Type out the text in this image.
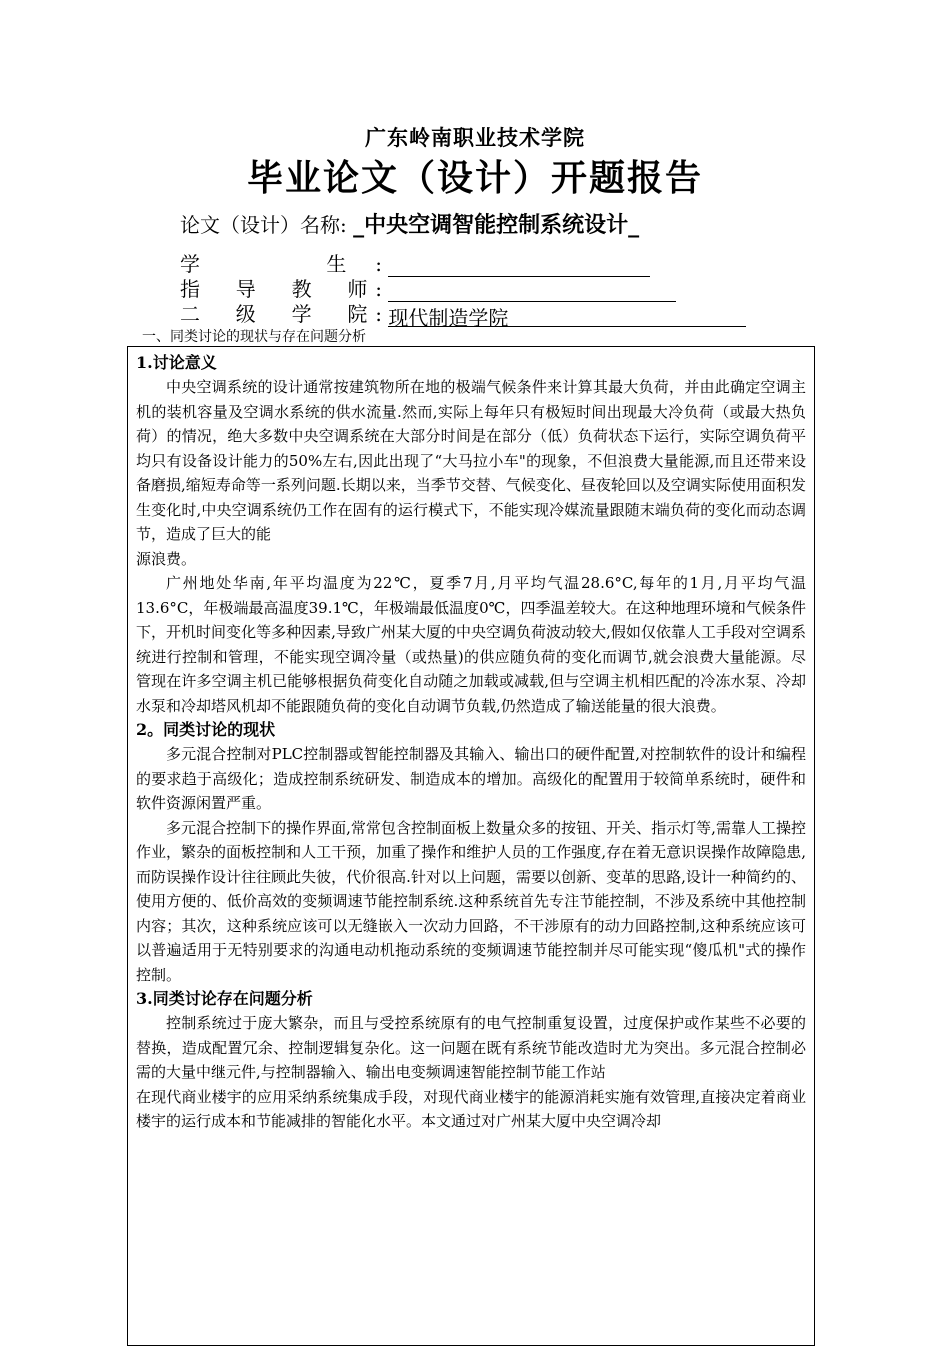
广东岭南职业技术学院
毕业论文（设计）开题报告
论文（设计）名称: _中央空调智能控制系统设计_
学　　生:
指　导　教　师:
二　级　学　院: 现代制造学院
一、同类讨论的现状与存在问题分析

1.讨论意义

中央空调系统的设计通常按建筑物所在地的极端气候条件来计算其最大负荷，并由此确定空调主机的装机容量及空调水系统的供水流量.然而,实际上每年只有极短时间出现最大冷负荷（或最大热负荷）的情况，绝大多数中央空调系统在大部分时间是在部分（低）负荷状态下运行，实际空调负荷平均只有设备设计能力的50%左右,因此出现了“大马拉小车"的现象，不但浪费大量能源,而且还带来设备磨损,缩短寿命等一系列问题.长期以来，当季节交替、气候变化、昼夜轮回以及空调实际使用面积发生变化时,中央空调系统仍工作在固有的运行模式下，不能实现冷媒流量跟随末端负荷的变化而动态调节，造成了巨大的能

源浪费。

广州地处华南,年平均温度为22℃，夏季7月,月平均气温28.6°C,每年的1月,月平均气温13.6°C，年极端最高温度39.1℃，年极端最低温度0℃，四季温差较大。在这种地理环境和气候条件下，开机时间变化等多种因素,导致广州某大厦的中央空调负荷波动较大,假如仅依靠人工手段对空调系统进行控制和管理，不能实现空调冷量（或热量)的供应随负荷的变化而调节,就会浪费大量能源。尽管现在许多空调主机已能够根据负荷变化自动随之加载或减载,但与空调主机相匹配的冷冻水泵、冷却水泵和冷却塔风机却不能跟随负荷的变化自动调节负载,仍然造成了输送能量的很大浪费。

2。同类讨论的现状

多元混合控制对PLC控制器或智能控制器及其输入、输出口的硬件配置,对控制软件的设计和编程的要求趋于高级化；造成控制系统研发、制造成本的增加。高级化的配置用于较简单系统时，硬件和软件资源闲置严重。

多元混合控制下的操作界面,常常包含控制面板上数量众多的按钮、开关、指示灯等,需靠人工操控作业，繁杂的面板控制和人工干预，加重了操作和维护人员的工作强度,存在着无意识误操作故障隐患,而防误操作设计往往顾此失彼，代价很高.针对以上问题，需要以创新、变革的思路,设计一种简约的、使用方便的、低价高效的变频调速节能控制系统.这种系统首先专注节能控制，不涉及系统中其他控制内容；其次，这种系统应该可以无缝嵌入一次动力回路，不干涉原有的动力回路控制,这种系统应该可以普遍适用于无特别要求的沟通电动机拖动系统的变频调速节能控制并尽可能实现“傻瓜机"式的操作控制。

3.同类讨论存在问题分析

控制系统过于庞大繁杂，而且与受控系统原有的电气控制重复设置，过度保护或作某些不必要的替换，造成配置冗余、控制逻辑复杂化。这一问题在既有系统节能改造时尤为突出。多元混合控制必需的大量中继元件,与控制器输入、输出电变频调速智能控制节能工作站

在现代商业楼宇的应用采纳系统集成手段，对现代商业楼宇的能源消耗实施有效管理,直接决定着商业楼宇的运行成本和节能减排的智能化水平。本文通过对广州某大厦中央空调冷却
